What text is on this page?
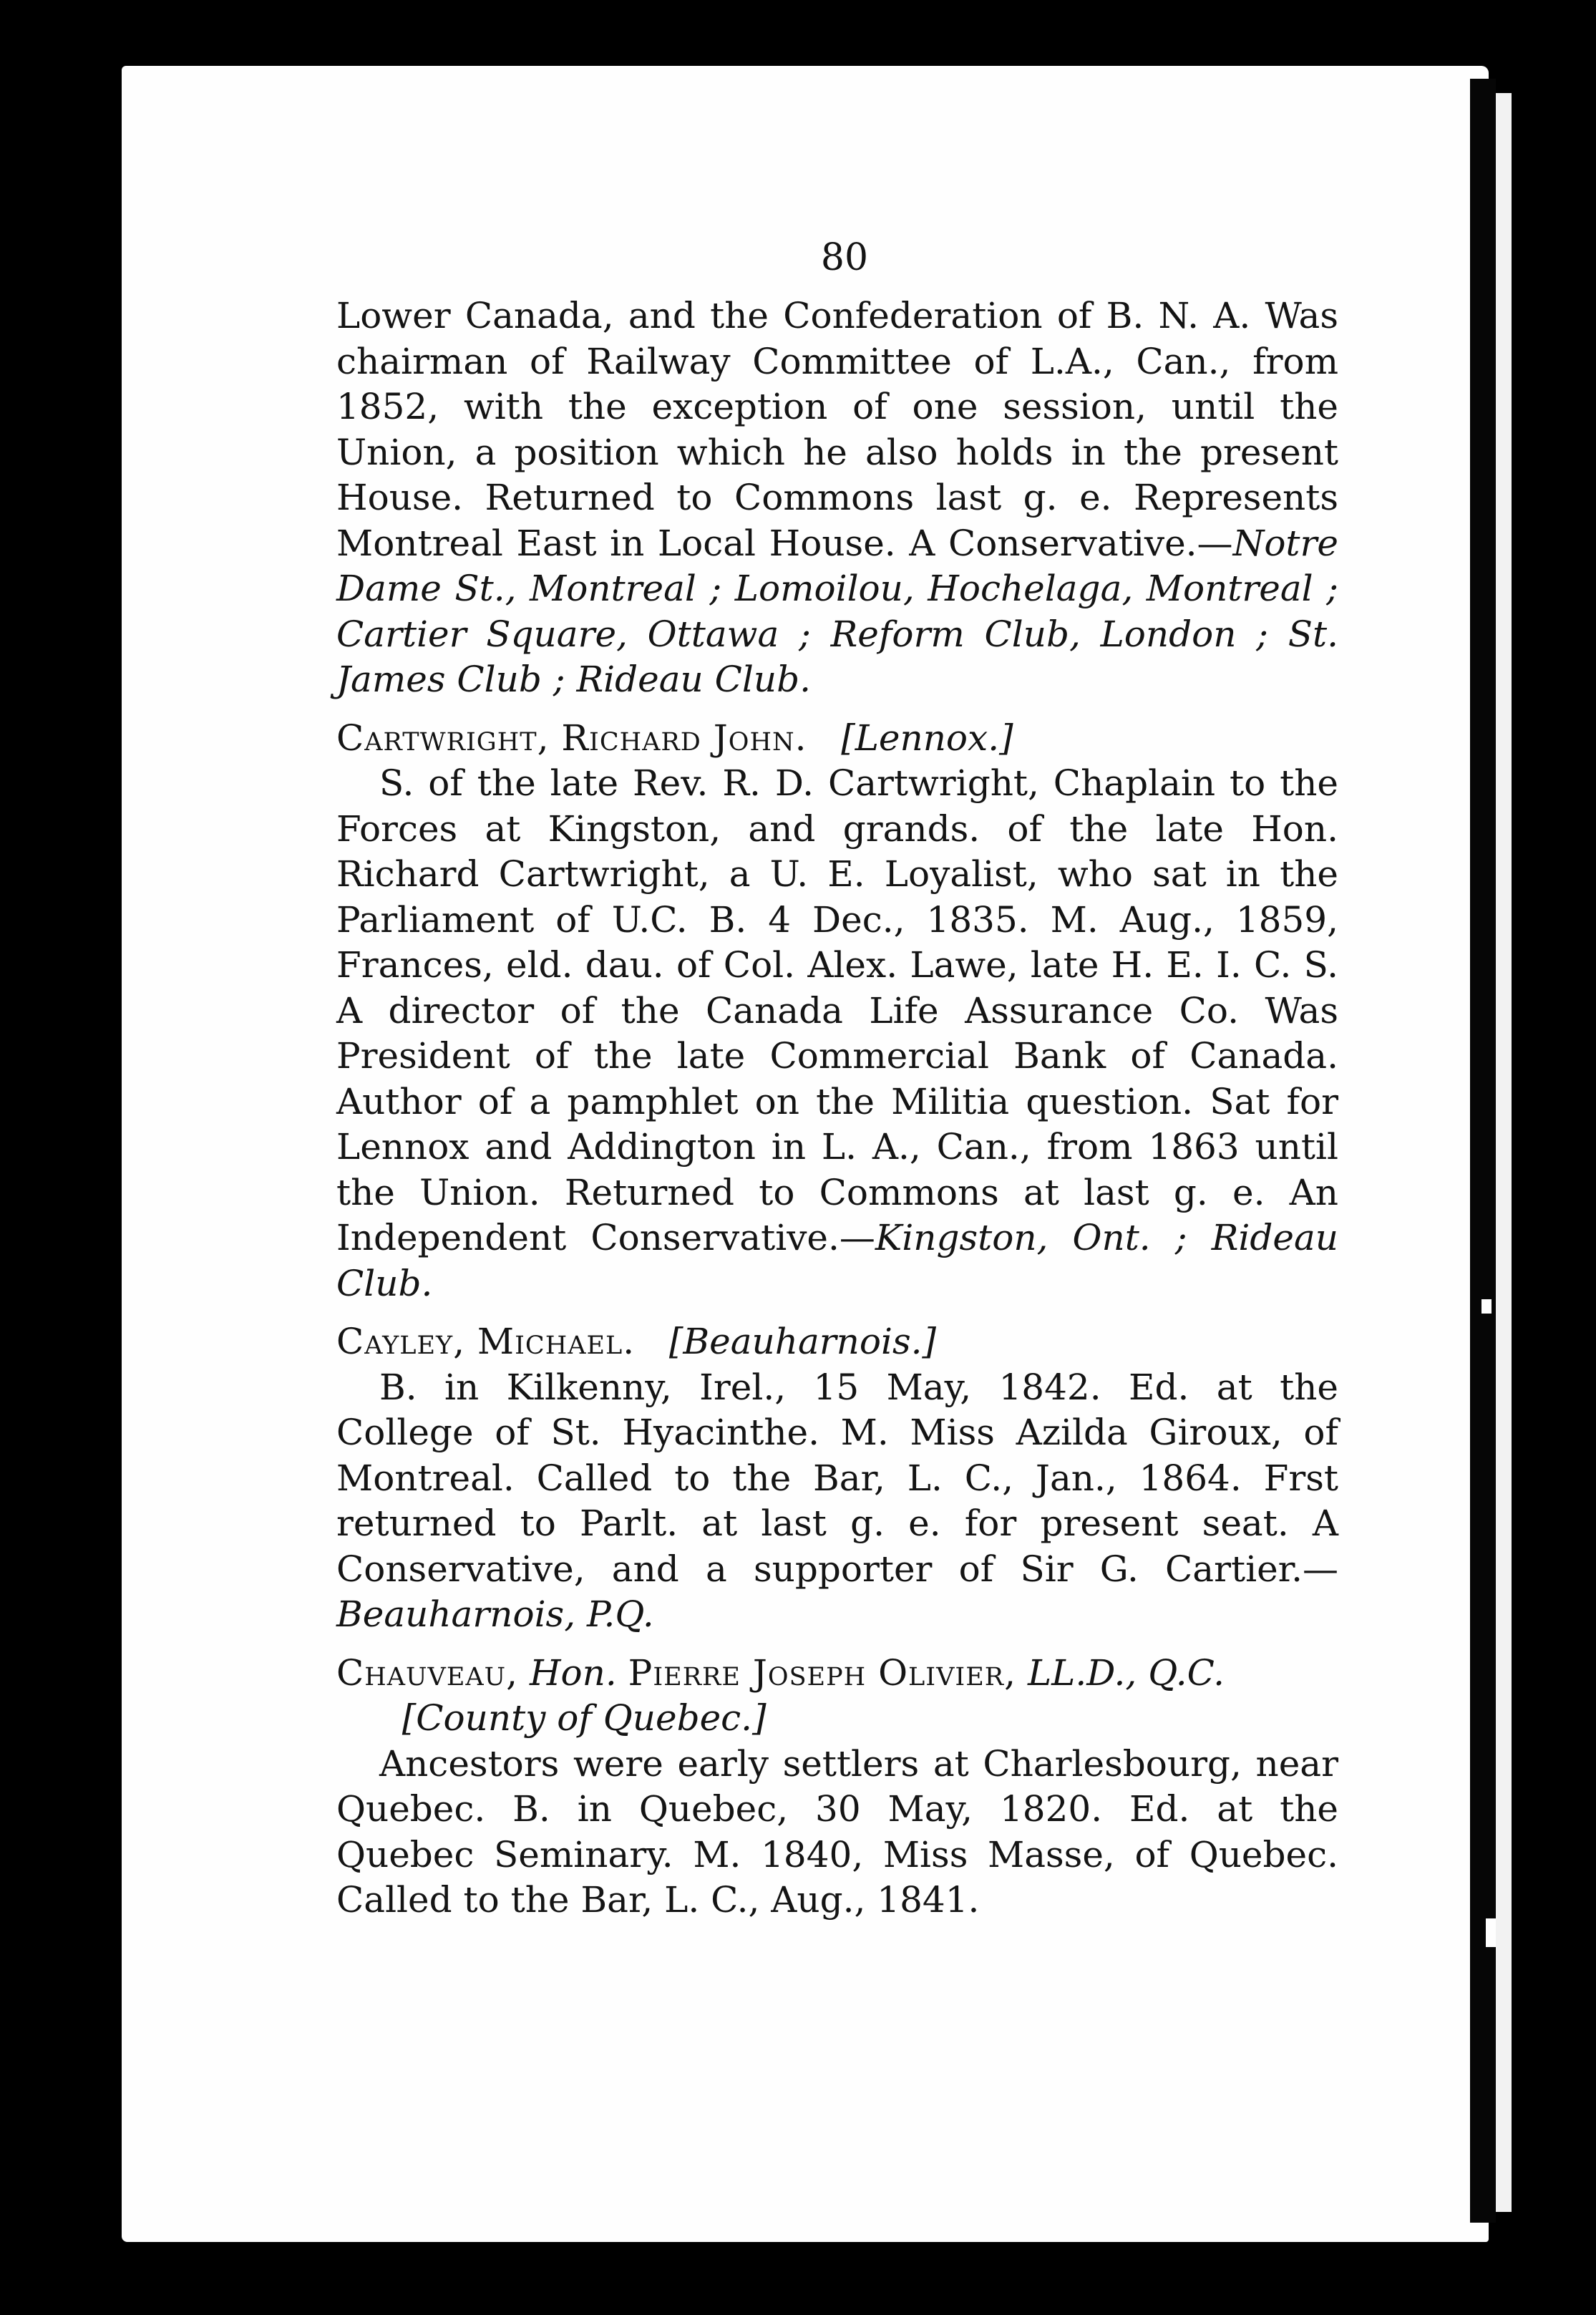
80

Lower Canada, and the Confederation of B. N. A. Was chairman of Railway Committee of L.A., Can., from 1852, with the exception of one session, until the Union, a position which he also holds in the present House. Returned to Commons last g. e. Represents Montreal East in Local House. A Conservative.—Notre Dame St., Montreal ; Lomoilou, Hochelaga, Montreal ; Cartier Square, Ottawa ; Reform Club, London ; St. James Club ; Rideau Club.

Cartwright, Richard John. [Lennox.]

S. of the late Rev. R. D. Cartwright, Chaplain to the Forces at Kingston, and grands. of the late Hon. Richard Cartwright, a U. E. Loyalist, who sat in the Parliament of U.C. B. 4 Dec., 1835. M. Aug., 1859, Frances, eld. dau. of Col. Alex. Lawe, late H. E. I. C. S. A director of the Canada Life Assurance Co. Was President of the late Commercial Bank of Canada. Author of a pamphlet on the Militia question. Sat for Lennox and Addington in L. A., Can., from 1863 until the Union. Returned to Commons at last g. e. An Independent Conservative.—Kingston, Ont. ; Rideau Club.

Cayley, Michael. [Beauharnois.]

B. in Kilkenny, Irel., 15 May, 1842. Ed. at the College of St. Hyacinthe. M. Miss Azilda Giroux, of Montreal. Called to the Bar, L. C., Jan., 1864. Frst returned to Parlt. at last g. e. for present seat. A Conservative, and a supporter of Sir G. Cartier.—Beauharnois, P.Q.

Chauveau, Hon. Pierre Joseph Olivier, LL.D., Q.C.   [County of Quebec.]

Ancestors were early settlers at Charlesbourg, near Quebec. B. in Quebec, 30 May, 1820. Ed. at the Quebec Seminary. M. 1840, Miss Masse, of Quebec. Called to the Bar, L. C., Aug., 1841.
